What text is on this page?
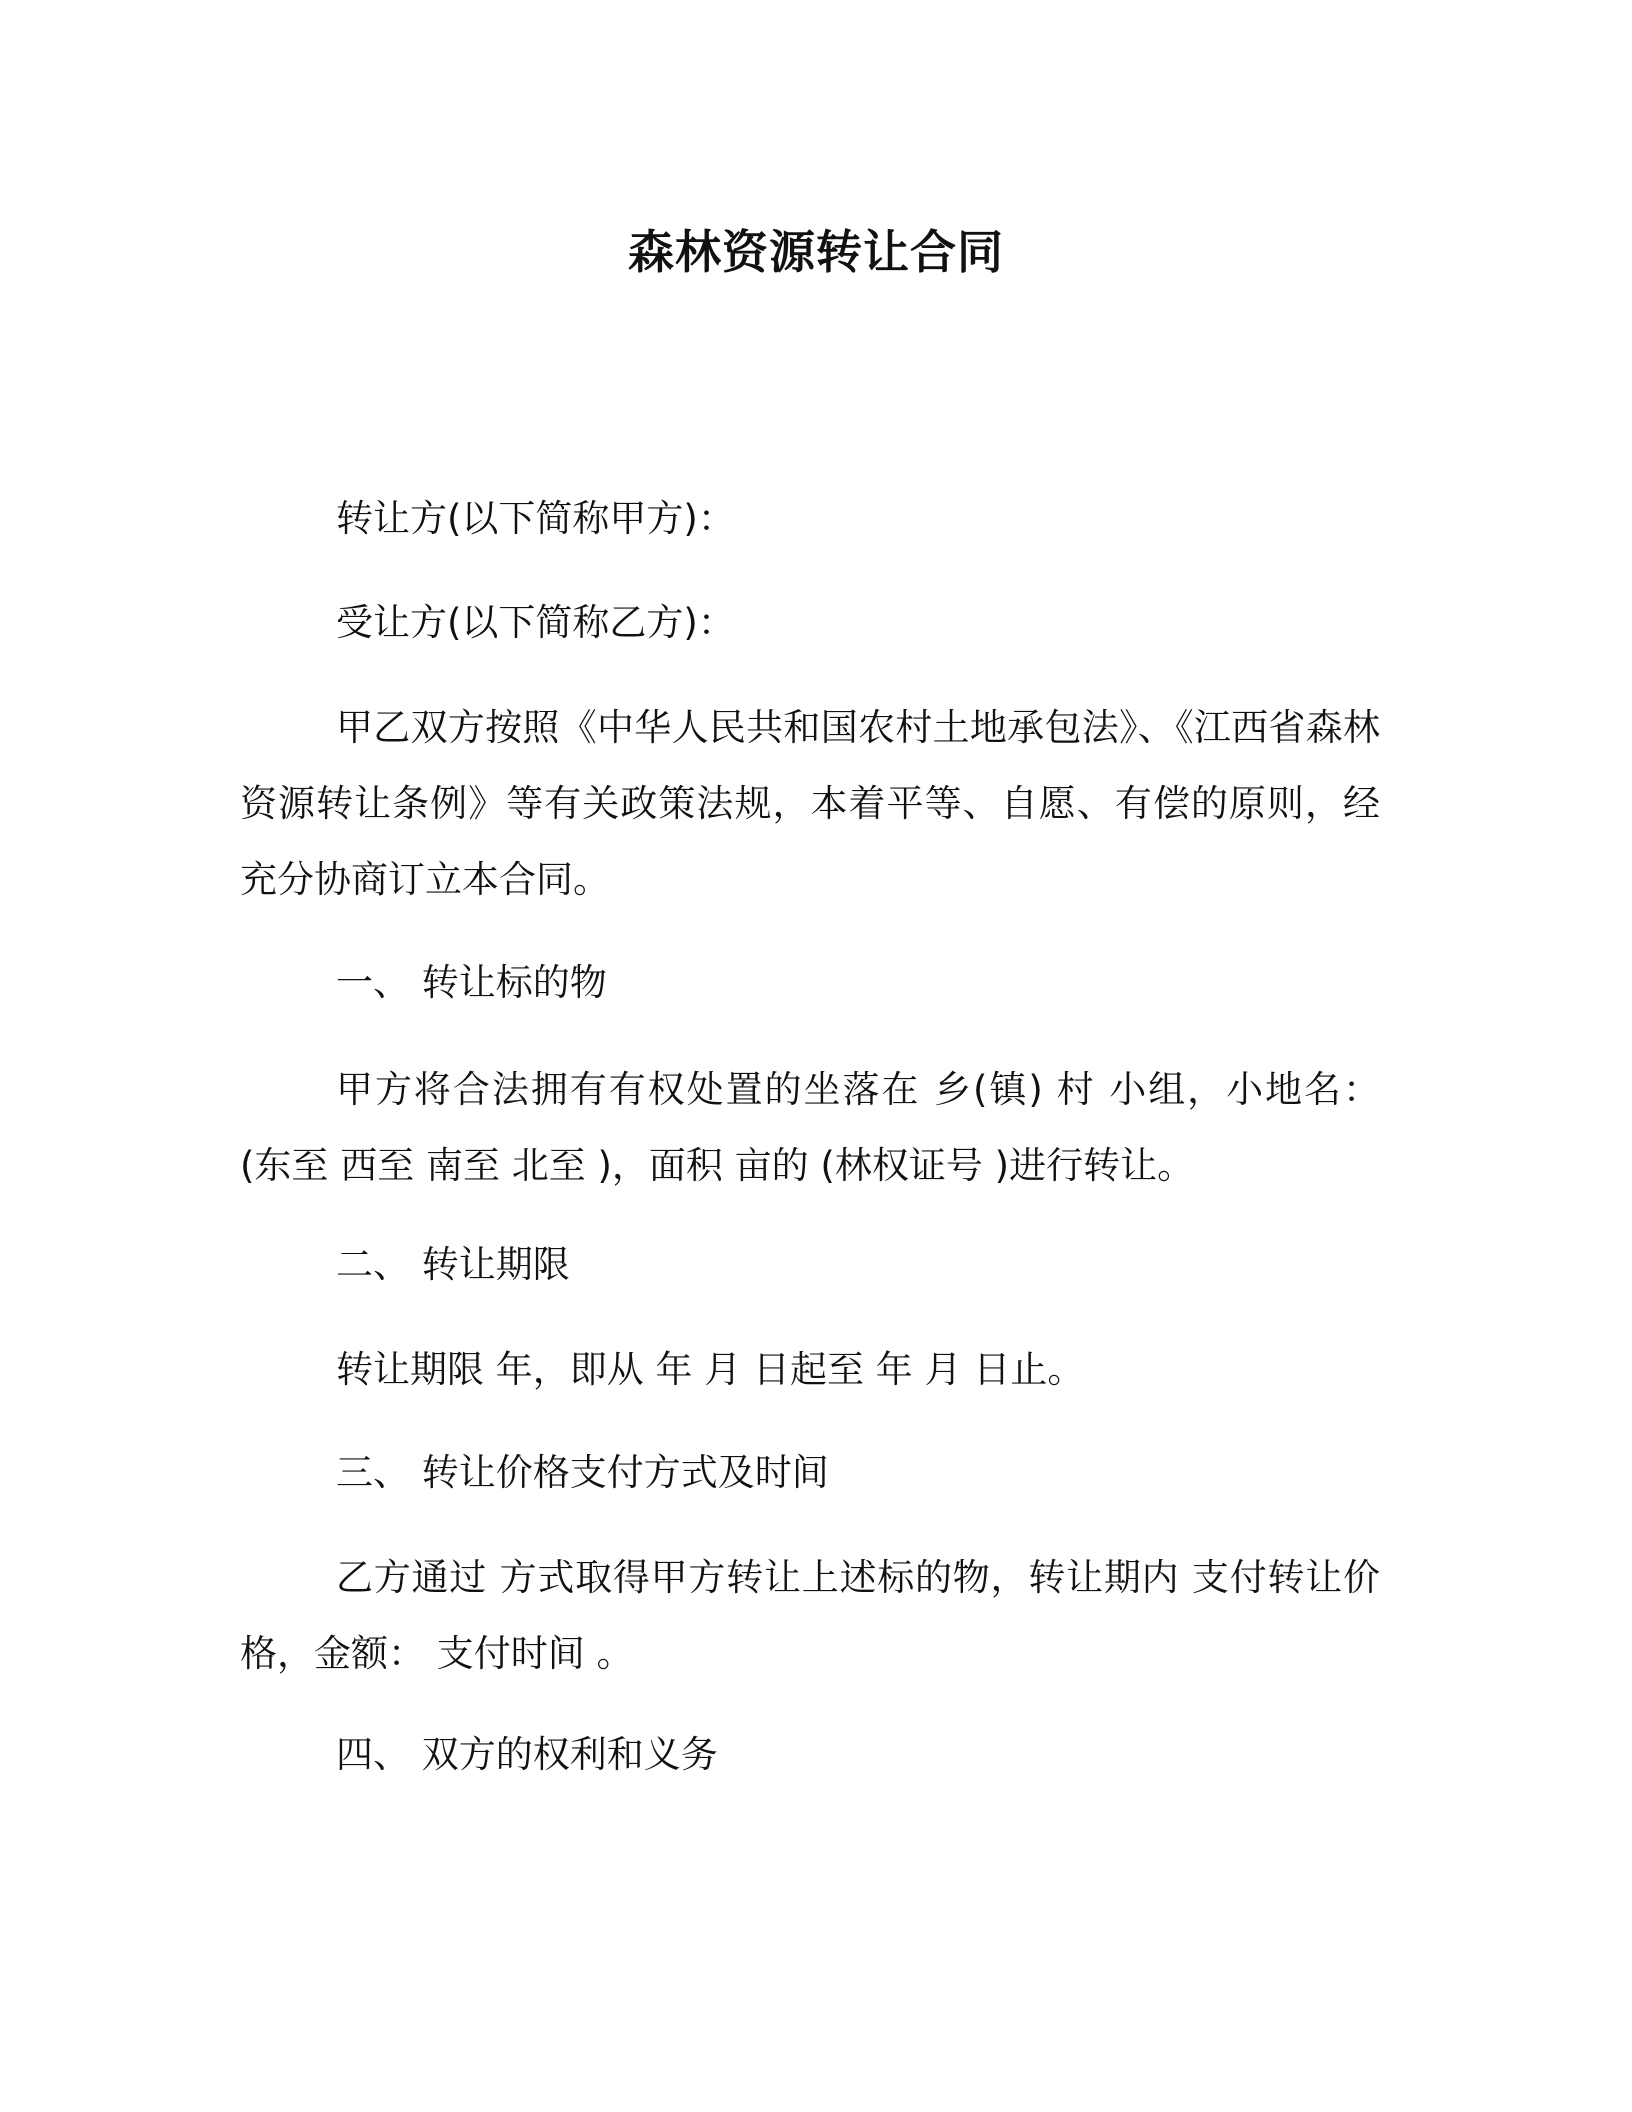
森林资源转让合同
转让方(以下简称甲方)：
受让方(以下简称乙方)：
甲乙双方按照《中华人民共和国农村土地承包法》、《江西省森林资源转让条例》等有关政策法规，本着平等、自愿、有偿的原则，经充分协商订立本合同。
一、 转让标的物
甲方将合法拥有有权处置的坐落在 乡(镇) 村 小组，小地名： (东至 西至 南至 北至 )，面积 亩的 (林权证号 )进行转让。
二、 转让期限
转让期限 年，即从 年 月 日起至 年 月 日止。
三、 转让价格支付方式及时间
乙方通过 方式取得甲方转让上述标的物，转让期内 支付转让价格，金额： 支付时间 。
四、 双方的权利和义务
